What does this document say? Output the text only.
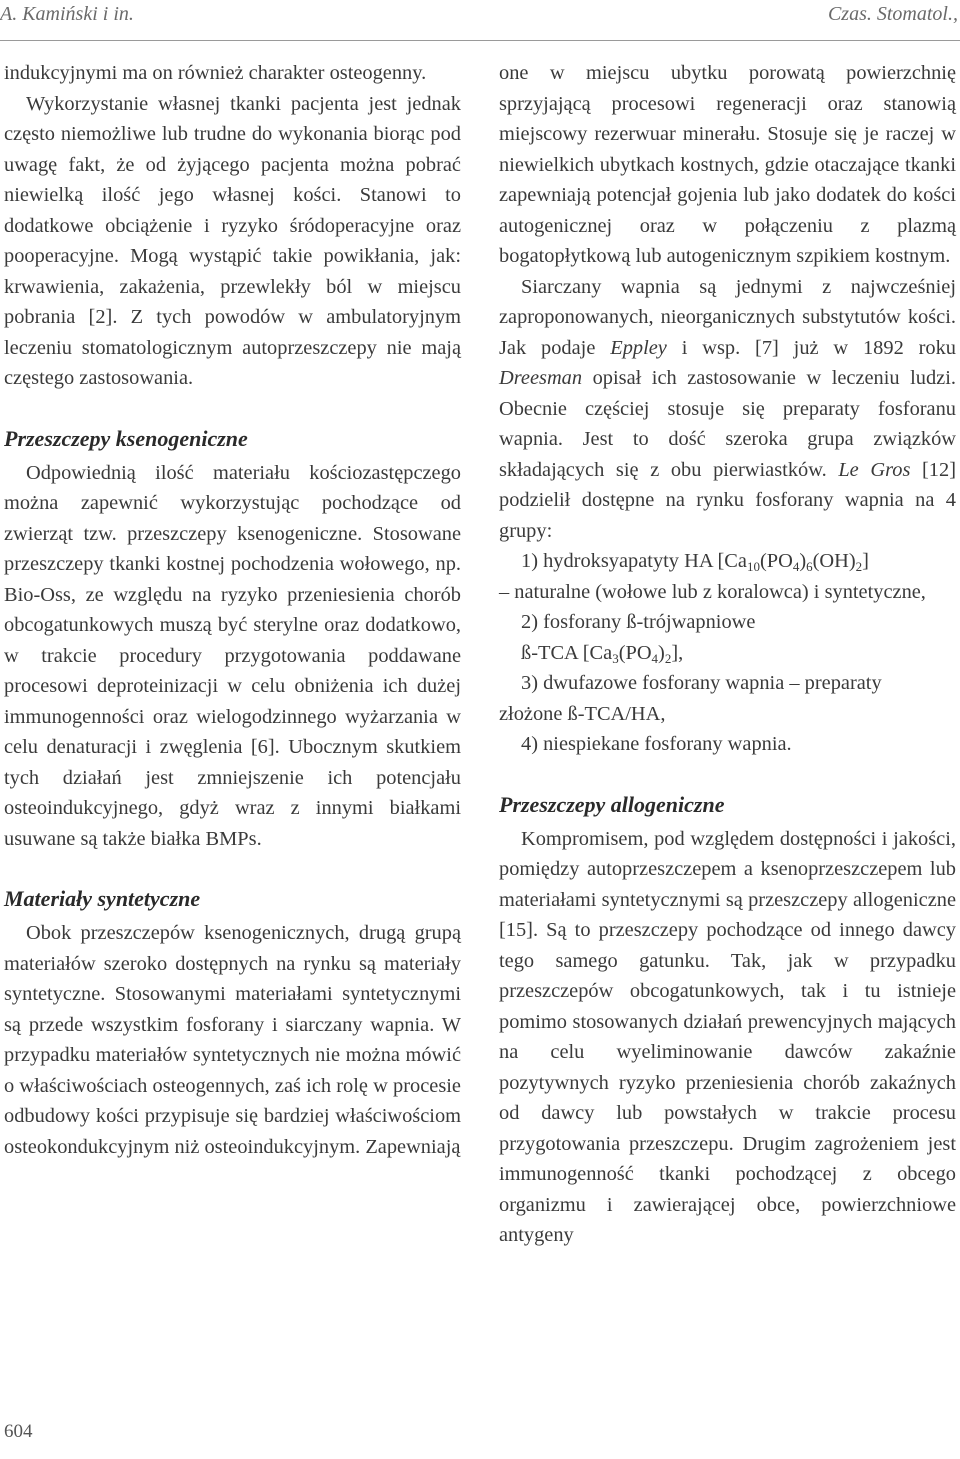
A. Kamiński i in.	Czas. Stomatol.,

indukcyjnymi ma on również charakter osteogenny.

Wykorzystanie własnej tkanki pacjenta jest jednak często niemożliwe lub trudne do wykonania biorąc pod uwagę fakt, że od żyjącego pacjenta można pobrać niewielką ilość jego własnej kości. Stanowi to dodatkowe obciążenie i ryzyko śródoperacyjne oraz pooperacyjne. Mogą wystąpić takie powikłania, jak: krwawienia, zakażenia, przewlekły ból w miejscu pobrania [2]. Z tych powodów w ambulatoryjnym leczeniu stomatologicznym autoprzeszczepy nie mają częstego zastosowania.

Przeszczepy ksenogeniczne

Odpowiednią ilość materiału kościozastępczego można zapewnić wykorzystując pochodzące od zwierząt tzw. przeszczepy ksenogeniczne. Stosowane przeszczepy tkanki kostnej pochodzenia wołowego, np. Bio-Oss, ze względu na ryzyko przeniesienia chorób obcogatunkowych muszą być sterylne oraz dodatkowo, w trakcie procedury przygotowania poddawane procesowi deproteinizacji w celu obniżenia ich dużej immunogenności oraz wielogodzinnego wyżarzania w celu denaturacji i zwęglenia [6]. Ubocznym skutkiem tych działań jest zmniejszenie ich potencjału osteoindukcyjnego, gdyż wraz z innymi białkami usuwane są także białka BMPs.

Materiały syntetyczne

Obok przeszczepów ksenogenicznych, drugą grupą materiałów szeroko dostępnych na rynku są materiały syntetyczne. Stosowanymi materiałami syntetycznymi są przede wszystkim fosforany i siarczany wapnia. W przypadku materiałów syntetycznych nie można mówić o właściwościach osteogennych, zaś ich rolę w procesie odbudowy kości przypisuje się bardziej właściwościom osteokondukcyjnym niż osteoindukcyjnym. Zapewniają

one w miejscu ubytku porowatą powierzchnię sprzyjającą procesowi regeneracji oraz stanowią miejscowy rezerwuar minerału. Stosuje się je raczej w niewielkich ubytkach kostnych, gdzie otaczające tkanki zapewniają potencjał gojenia lub jako dodatek do kości autogenicznej oraz w połączeniu z plazmą bogatopłytkową lub autogenicznym szpikiem kostnym.

Siarczany wapnia są jednymi z najwcześniej zaproponowanych, nieorganicznych substytutów kości. Jak podaje Eppley i wsp. [7] już w 1892 roku Dreesman opisał ich zastosowanie w leczeniu ludzi. Obecnie częściej stosuje się preparaty fosforanu wapnia. Jest to dość szeroka grupa związków składających się z obu pierwiastków. Le Gros [12] podzielił dostępne na rynku fosforany wapnia na 4 grupy:

1) hydroksyapatyty HA $[Ca_{10}(PO_4)_6(OH)_2]$
– naturalne (wołowe lub z koralowca) i syntetyczne,
2) fosforany ß-trójwapniowe
ß-TCA $[Ca_3(PO_4)_2]$,
3) dwufazowe fosforany wapnia – preparaty
złożone ß-TCA/HA,
4) niespiekane fosforany wapnia.
Przeszczepy allogeniczne

Kompromisem, pod względem dostępności i jakości, pomiędzy autoprzeszczepem a ksenoprzeszczepem lub materiałami syntetycznymi są przeszczepy allogeniczne [15]. Są to przeszczepy pochodzące od innego dawcy tego samego gatunku. Tak, jak w przypadku przeszczepów obcogatunkowych, tak i tu istnieje pomimo stosowanych działań prewencyjnych mających na celu wyeliminowanie dawców zakaźnie pozytywnych ryzyko przeniesienia chorób zakaźnych od dawcy lub powstałych w trakcie procesu przygotowania przeszczepu. Drugim zagrożeniem jest immunogenność tkanki pochodzącej z obcego organizmu i zawierającej obce, powierzchniowe antygeny

604
